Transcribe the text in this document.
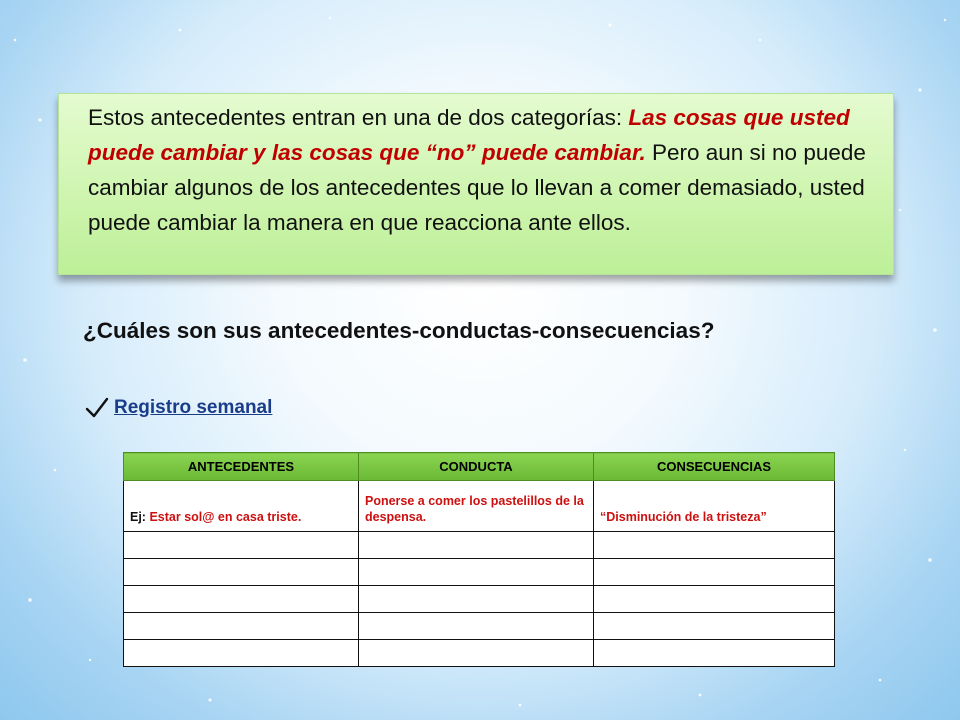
Estos antecedentes entran en una de dos categorías: Las cosas que usted puede cambiar y las cosas que “no” puede cambiar. Pero aun si no puede cambiar algunos de los antecedentes que lo llevan a comer demasiado, usted puede cambiar la manera en que reacciona ante ellos.
¿Cuáles son sus antecedentes-conductas-consecuencias?
Registro semanal
ANTECEDENTES	CONDUCTA	CONSECUENCIAS
Ej: Estar sol@ en casa triste.	Ponerse a comer los pastelillos de la despensa.	“Disminución de la tristeza”
